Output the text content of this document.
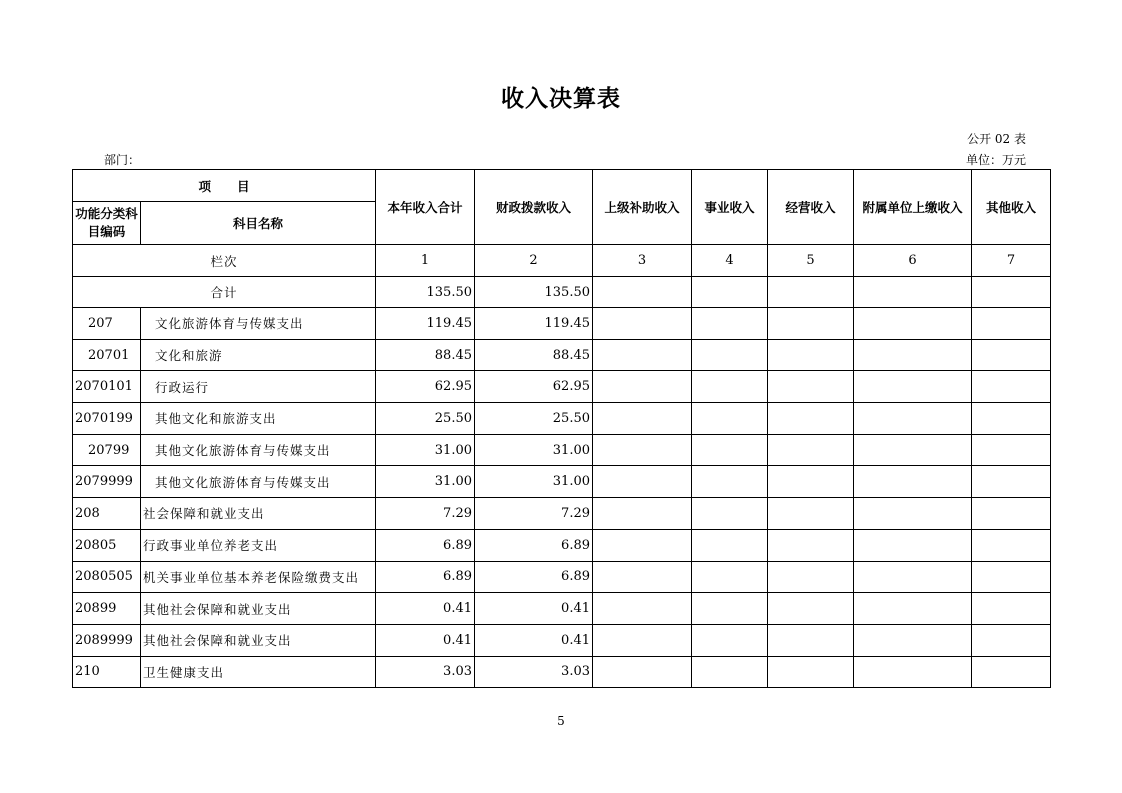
收入决算表
公开 02 表
部门：	单位：万元
项      目		本年收入合计	财政拨款收入	上级补助收入	事业收入	经营收入	附属单位上缴收入	其他收入
功能分类科目编码	科目名称							
栏次		1	2	3	4	5	6	7
合计		135.50	135.50					
207	文化旅游体育与传媒支出	119.45	119.45					
20701	文化和旅游	88.45	88.45					
2070101	行政运行	62.95	62.95					
2070199	其他文化和旅游支出	25.50	25.50					
20799	其他文化旅游体育与传媒支出	31.00	31.00					
2079999	其他文化旅游体育与传媒支出	31.00	31.00					
208	社会保障和就业支出	7.29	7.29					
20805	行政事业单位养老支出	6.89	6.89					
2080505	机关事业单位基本养老保险缴费支出	6.89	6.89					
20899	其他社会保障和就业支出	0.41	0.41					
2089999	其他社会保障和就业支出	0.41	0.41					
210	卫生健康支出	3.03	3.03					
5
